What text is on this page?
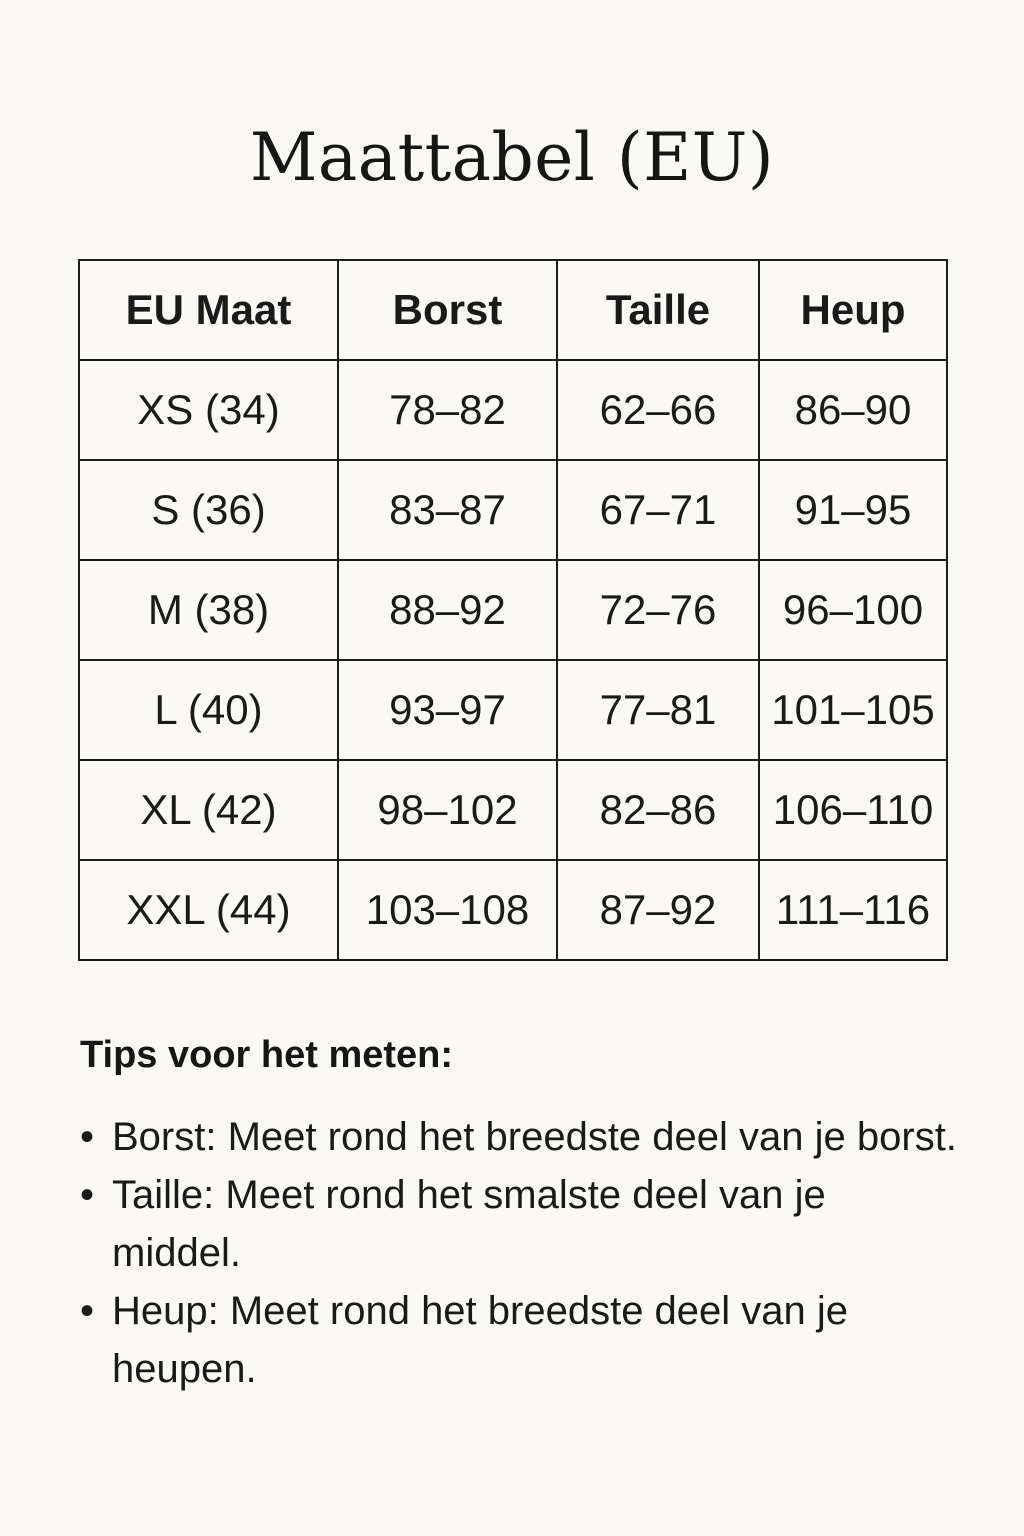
Maattabel (EU)
EU Maat	Borst	Taille	Heup
XS (34)	78–82	62–66	86–90
S (36)	83–87	67–71	91–95
M (38)	88–92	72–76	96–100
L (40)	93–97	77–81	101–105
XL (42)	98–102	82–86	106–110
XXL (44)	103–108	87–92	111–116
Tips voor het meten:
• Borst: Meet rond het breedste deel van je borst.
• Taille: Meet rond het smalste deel van je middel.
• Heup: Meet rond het breedste deel van je heupen.
